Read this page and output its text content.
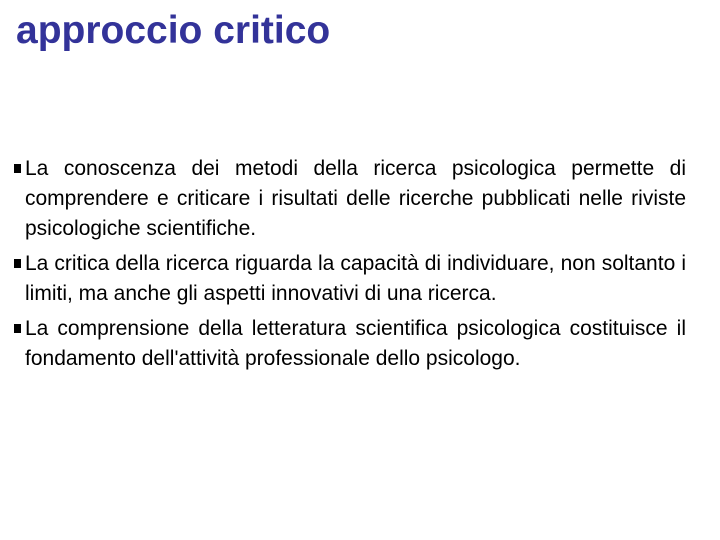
approccio critico
La conoscenza dei metodi della ricerca psicologica permette di comprendere e criticare i risultati delle ricerche pubblicati nelle riviste psicologiche scientifiche.
La critica della ricerca riguarda la capacità di individuare, non soltanto i limiti, ma anche gli aspetti innovativi di una ricerca.
La comprensione della letteratura scientifica psicologica costituisce il fondamento dell'attività professionale dello psicologo.
